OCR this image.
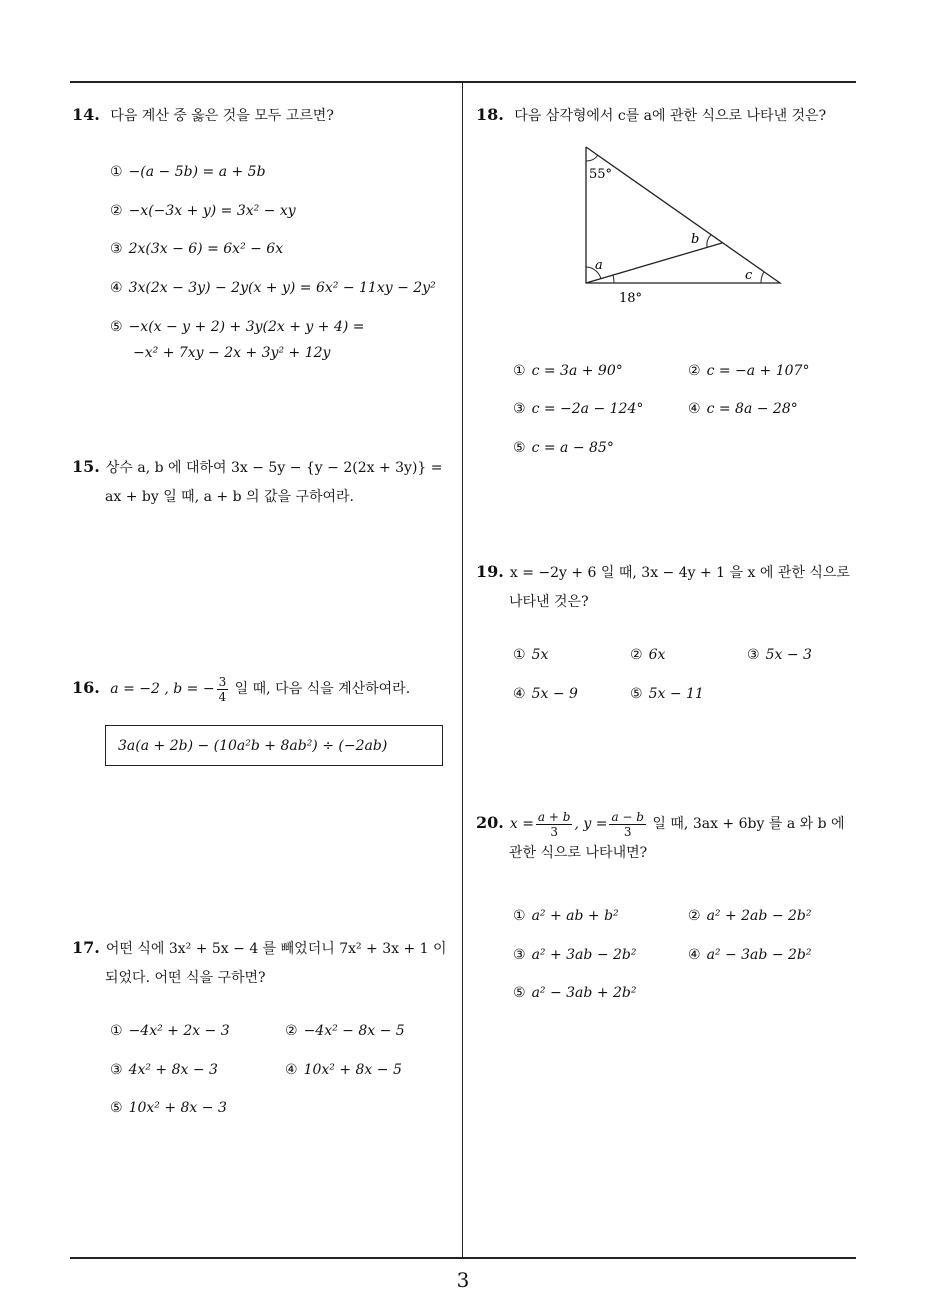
14. 다음 계산 중 옳은 것을 모두 고르면?
① −(a − 5b) = a + 5b
② −x(−3x + y) = 3x² − xy
③ 2x(3x − 6) = 6x² − 6x
④ 3x(2x − 3y) − 2y(x + y) = 6x² − 11xy − 2y²
⑤ −x(x − y + 2) + 3y(2x + y + 4) =
−x² + 7xy − 2x + 3y² + 12y
15. 상수 a, b 에 대하여 3x − 5y − {y − 2(2x + 3y)} =
ax + by 일 때, a + b 의 값을 구하여라.
16. a = −2 , b = − $\frac{3}{4}$ 일 때, 다음 식을 계산하여라.
3a(a + 2b) − (10a²b + 8ab²) ÷ (−2ab)
17. 어떤 식에 3x² + 5x − 4 를 빼었더니 7x² + 3x + 1 이
되었다. 어떤 식을 구하면?
① −4x² + 2x − 3	② −4x² − 8x − 5
③ 4x² + 8x − 3	④ 10x² + 8x − 5
⑤ 10x² + 8x − 3
18. 다음 삼각형에서 c를 a에 관한 식으로 나타낸 것은?
55°
b
a
c
18°
① c = 3a + 90°	② c = −a + 107°
③ c = −2a − 124°	④ c = 8a − 28°
⑤ c = a − 85°
19. x = −2y + 6 일 때, 3x − 4y + 1 을 x 에 관한 식으로
나타낸 것은?
① 5x	② 6x	③ 5x − 3
④ 5x − 9	⑤ 5x − 11
20. $x = \frac{a + b}{3}$ , $y = \frac{a - b}{3}$ 일 때, 3ax + 6by 를 a 와 b 에
관한 식으로 나타내면?
① a² + ab + b²	② a² + 2ab − 2b²
③ a² + 3ab − 2b²	④ a² − 3ab − 2b²
⑤ a² − 3ab + 2b²
3
